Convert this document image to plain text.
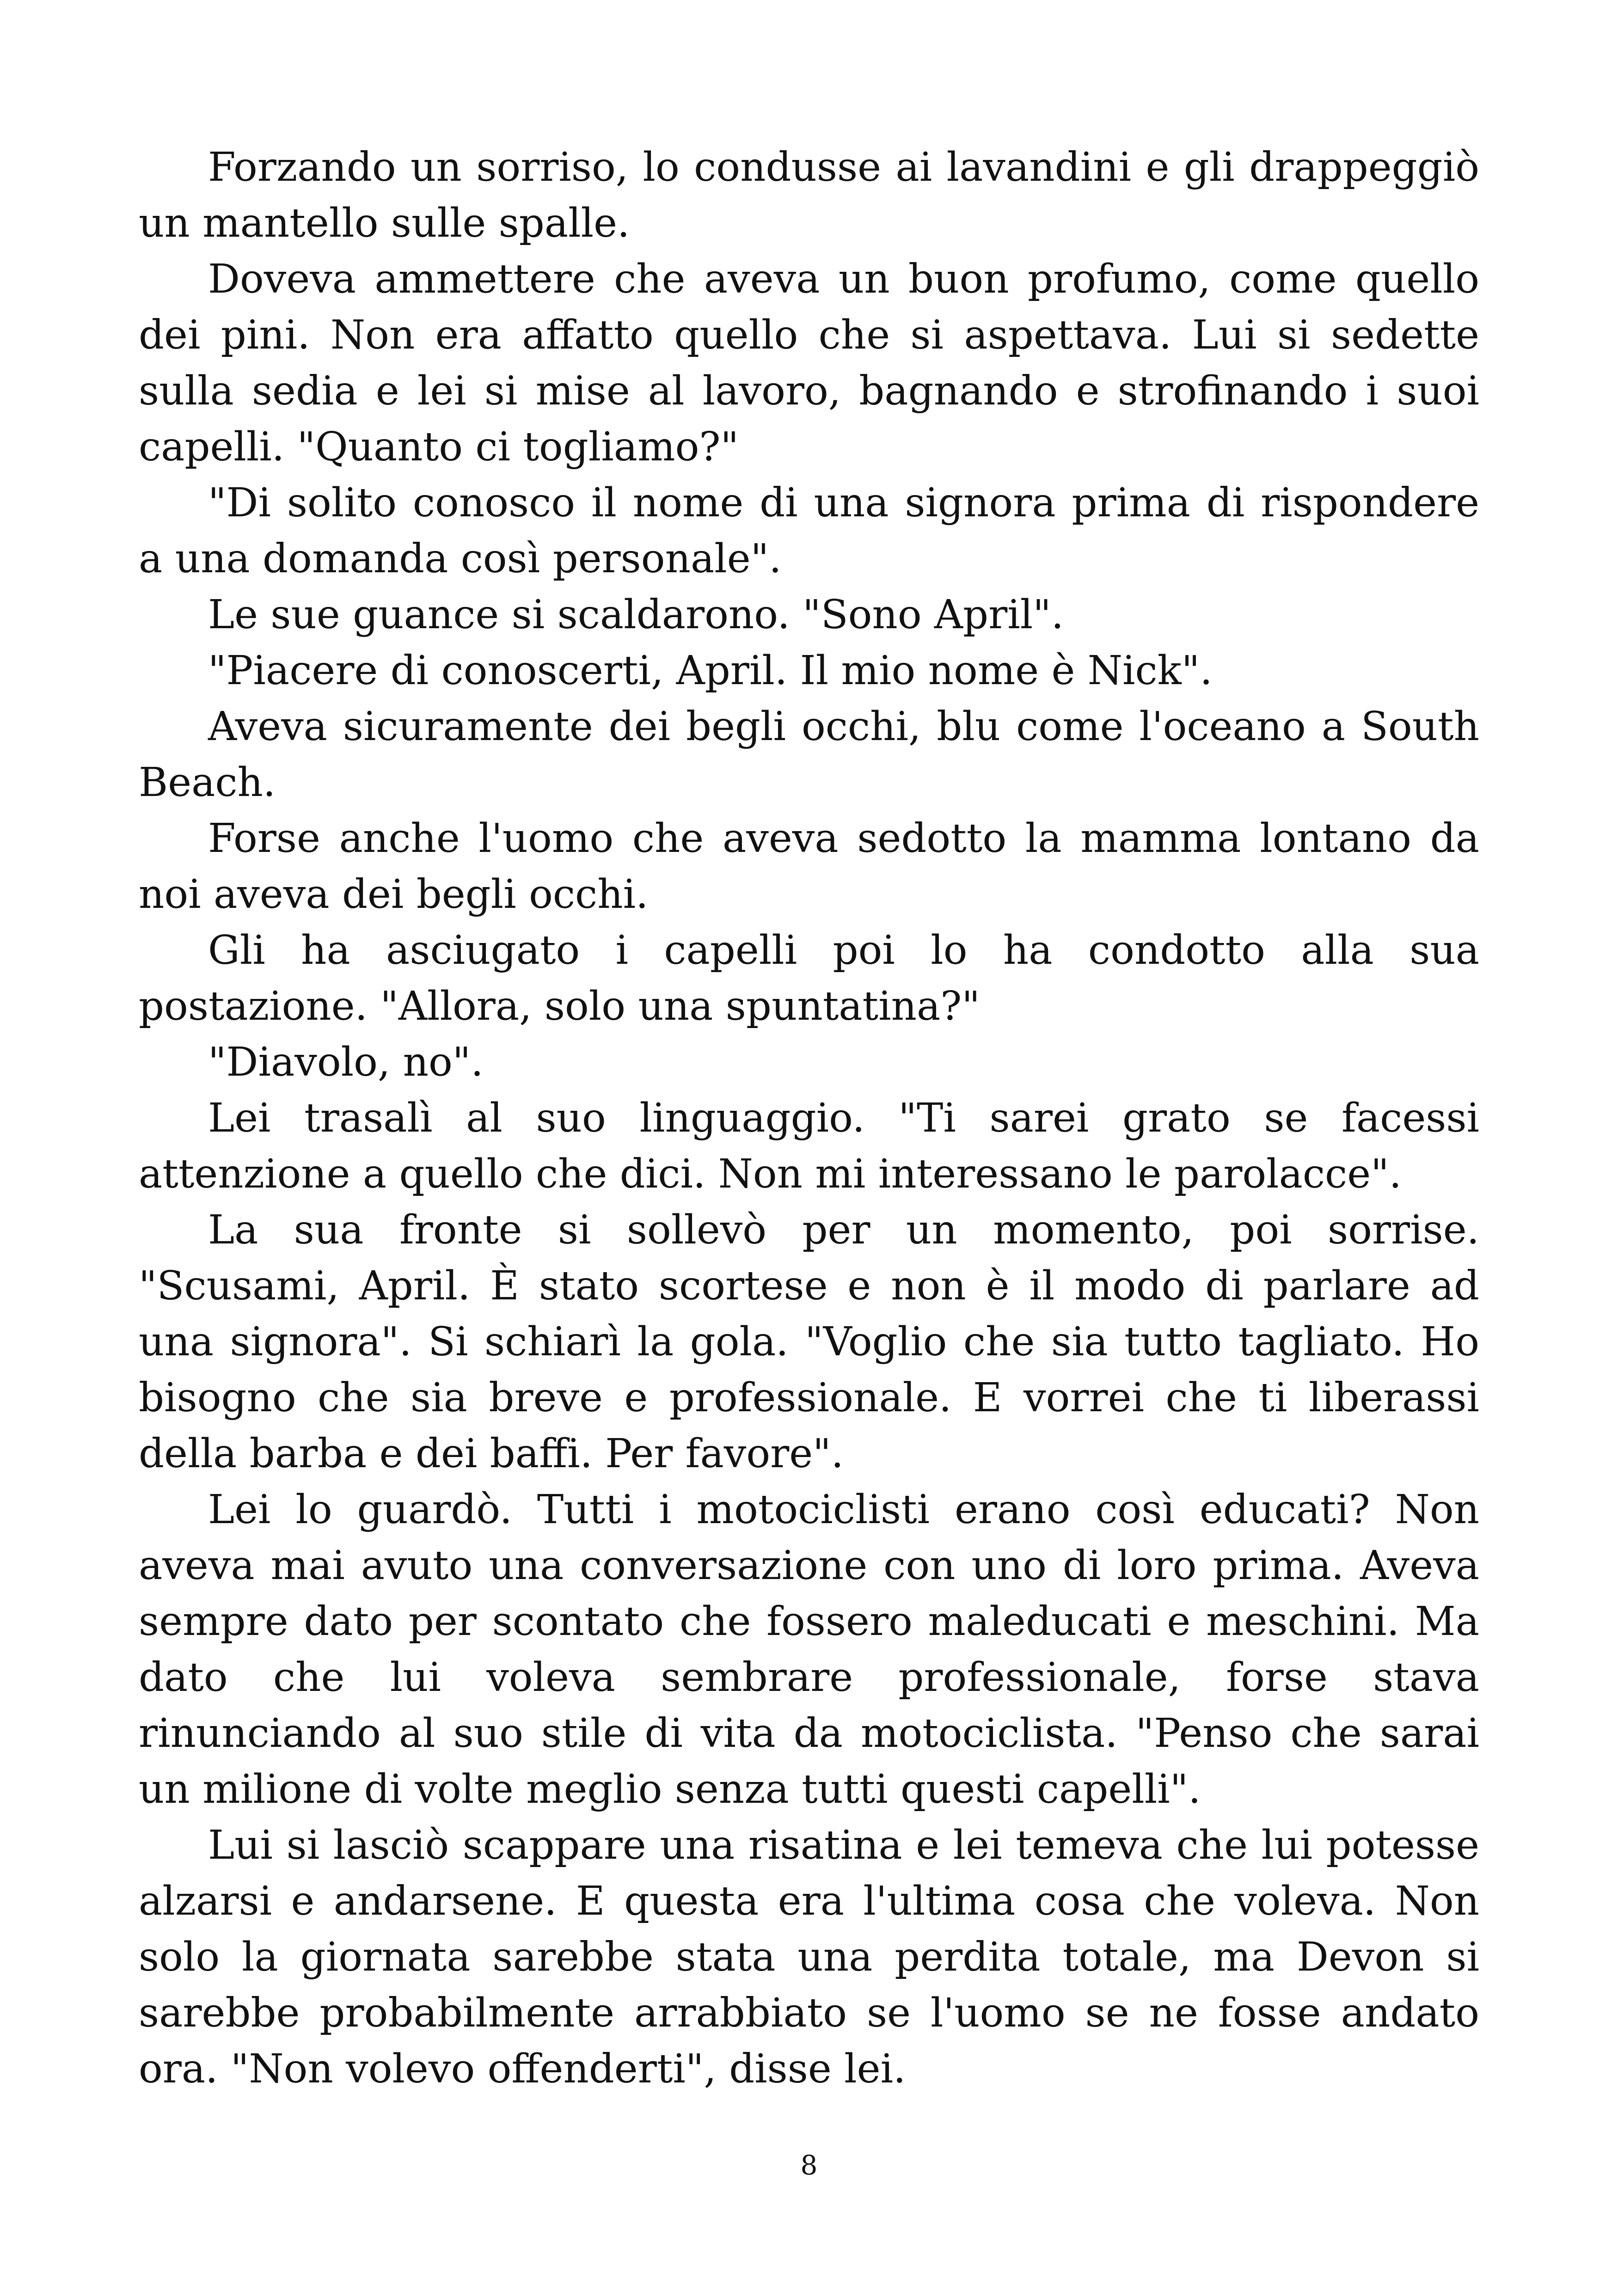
Forzando un sorriso, lo condusse ai lavandini e gli drappeggiò un mantello sulle spalle.

Doveva ammettere che aveva un buon profumo, come quello dei pini. Non era affatto quello che si aspettava. Lui si sedette sulla sedia e lei si mise al lavoro, bagnando e strofinando i suoi capelli. "Quanto ci togliamo?"

"Di solito conosco il nome di una signora prima di rispondere a una domanda così personale".

Le sue guance si scaldarono. "Sono April".

"Piacere di conoscerti, April. Il mio nome è Nick".

Aveva sicuramente dei begli occhi, blu come l'oceano a South Beach.

Forse anche l'uomo che aveva sedotto la mamma lontano da noi aveva dei begli occhi.

Gli ha asciugato i capelli poi lo ha condotto alla sua postazione. "Allora, solo una spuntatina?"

"Diavolo, no".

Lei trasalì al suo linguaggio. "Ti sarei grato se facessi attenzione a quello che dici. Non mi interessano le parolacce".

La sua fronte si sollevò per un momento, poi sorrise. "Scusami, April. È stato scortese e non è il modo di parlare ad una signora". Si schiarì la gola. "Voglio che sia tutto tagliato. Ho bisogno che sia breve e professionale. E vorrei che ti liberassi della barba e dei baffi. Per favore".

Lei lo guardò. Tutti i motociclisti erano così educati? Non aveva mai avuto una conversazione con uno di loro prima. Aveva sempre dato per scontato che fossero maleducati e meschini. Ma dato che lui voleva sembrare professionale, forse stava rinunciando al suo stile di vita da motociclista. "Penso che sarai un milione di volte meglio senza tutti questi capelli".

Lui si lasciò scappare una risatina e lei temeva che lui potesse alzarsi e andarsene. E questa era l'ultima cosa che voleva. Non solo la giornata sarebbe stata una perdita totale, ma Devon si sarebbe probabilmente arrabbiato se l'uomo se ne fosse andato ora. "Non volevo offenderti", disse lei.

8
